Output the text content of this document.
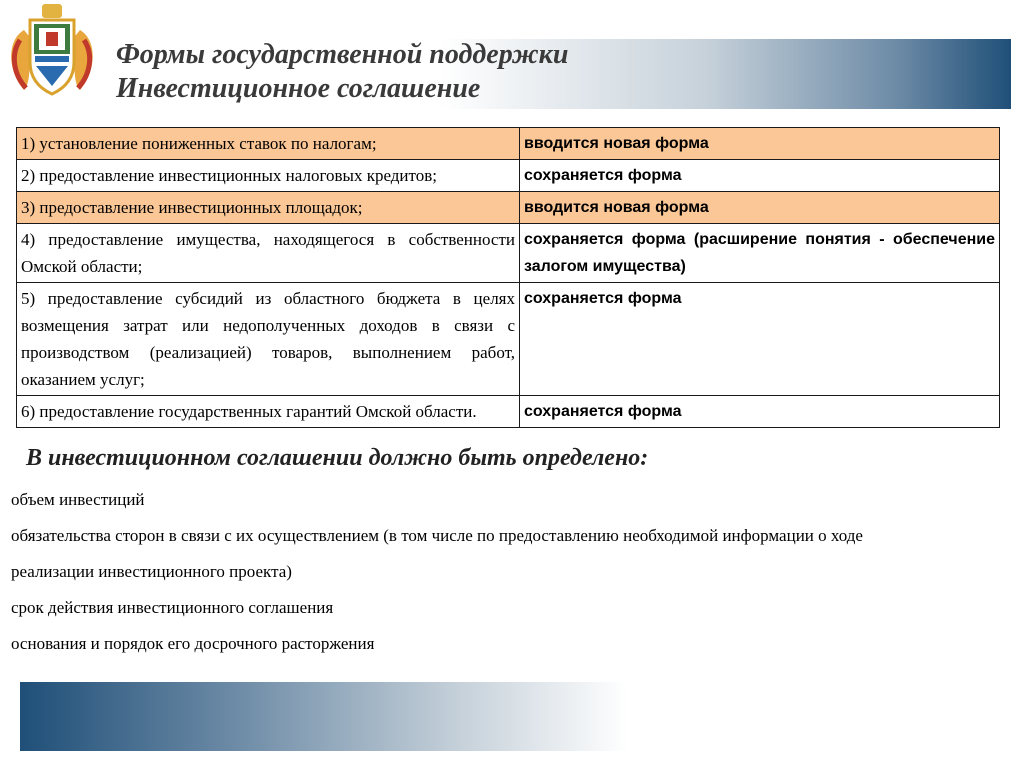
Формы государственной поддержки
Инвестиционное соглашение
1) установление пониженных ставок по налогам;	вводится новая форма
2) предоставление инвестиционных налоговых кредитов;	сохраняется форма
3) предоставление инвестиционных площадок;	вводится новая форма
4) предоставление имущества, находящегося в собственности Омской области;	сохраняется форма (расширение понятия - обеспечение залогом имущества)
5) предоставление субсидий из областного бюджета в целях возмещения затрат или недополученных доходов в связи с производством (реализацией) товаров, выполнением работ, оказанием услуг;	сохраняется форма
6) предоставление государственных гарантий Омской области.	сохраняется форма
В инвестиционном соглашении должно быть определено:
объем инвестиций
обязательства сторон в связи с их осуществлением (в том числе по предоставлению необходимой информации о ходе
реализации инвестиционного проекта)
срок действия инвестиционного соглашения
основания и порядок его досрочного расторжения
